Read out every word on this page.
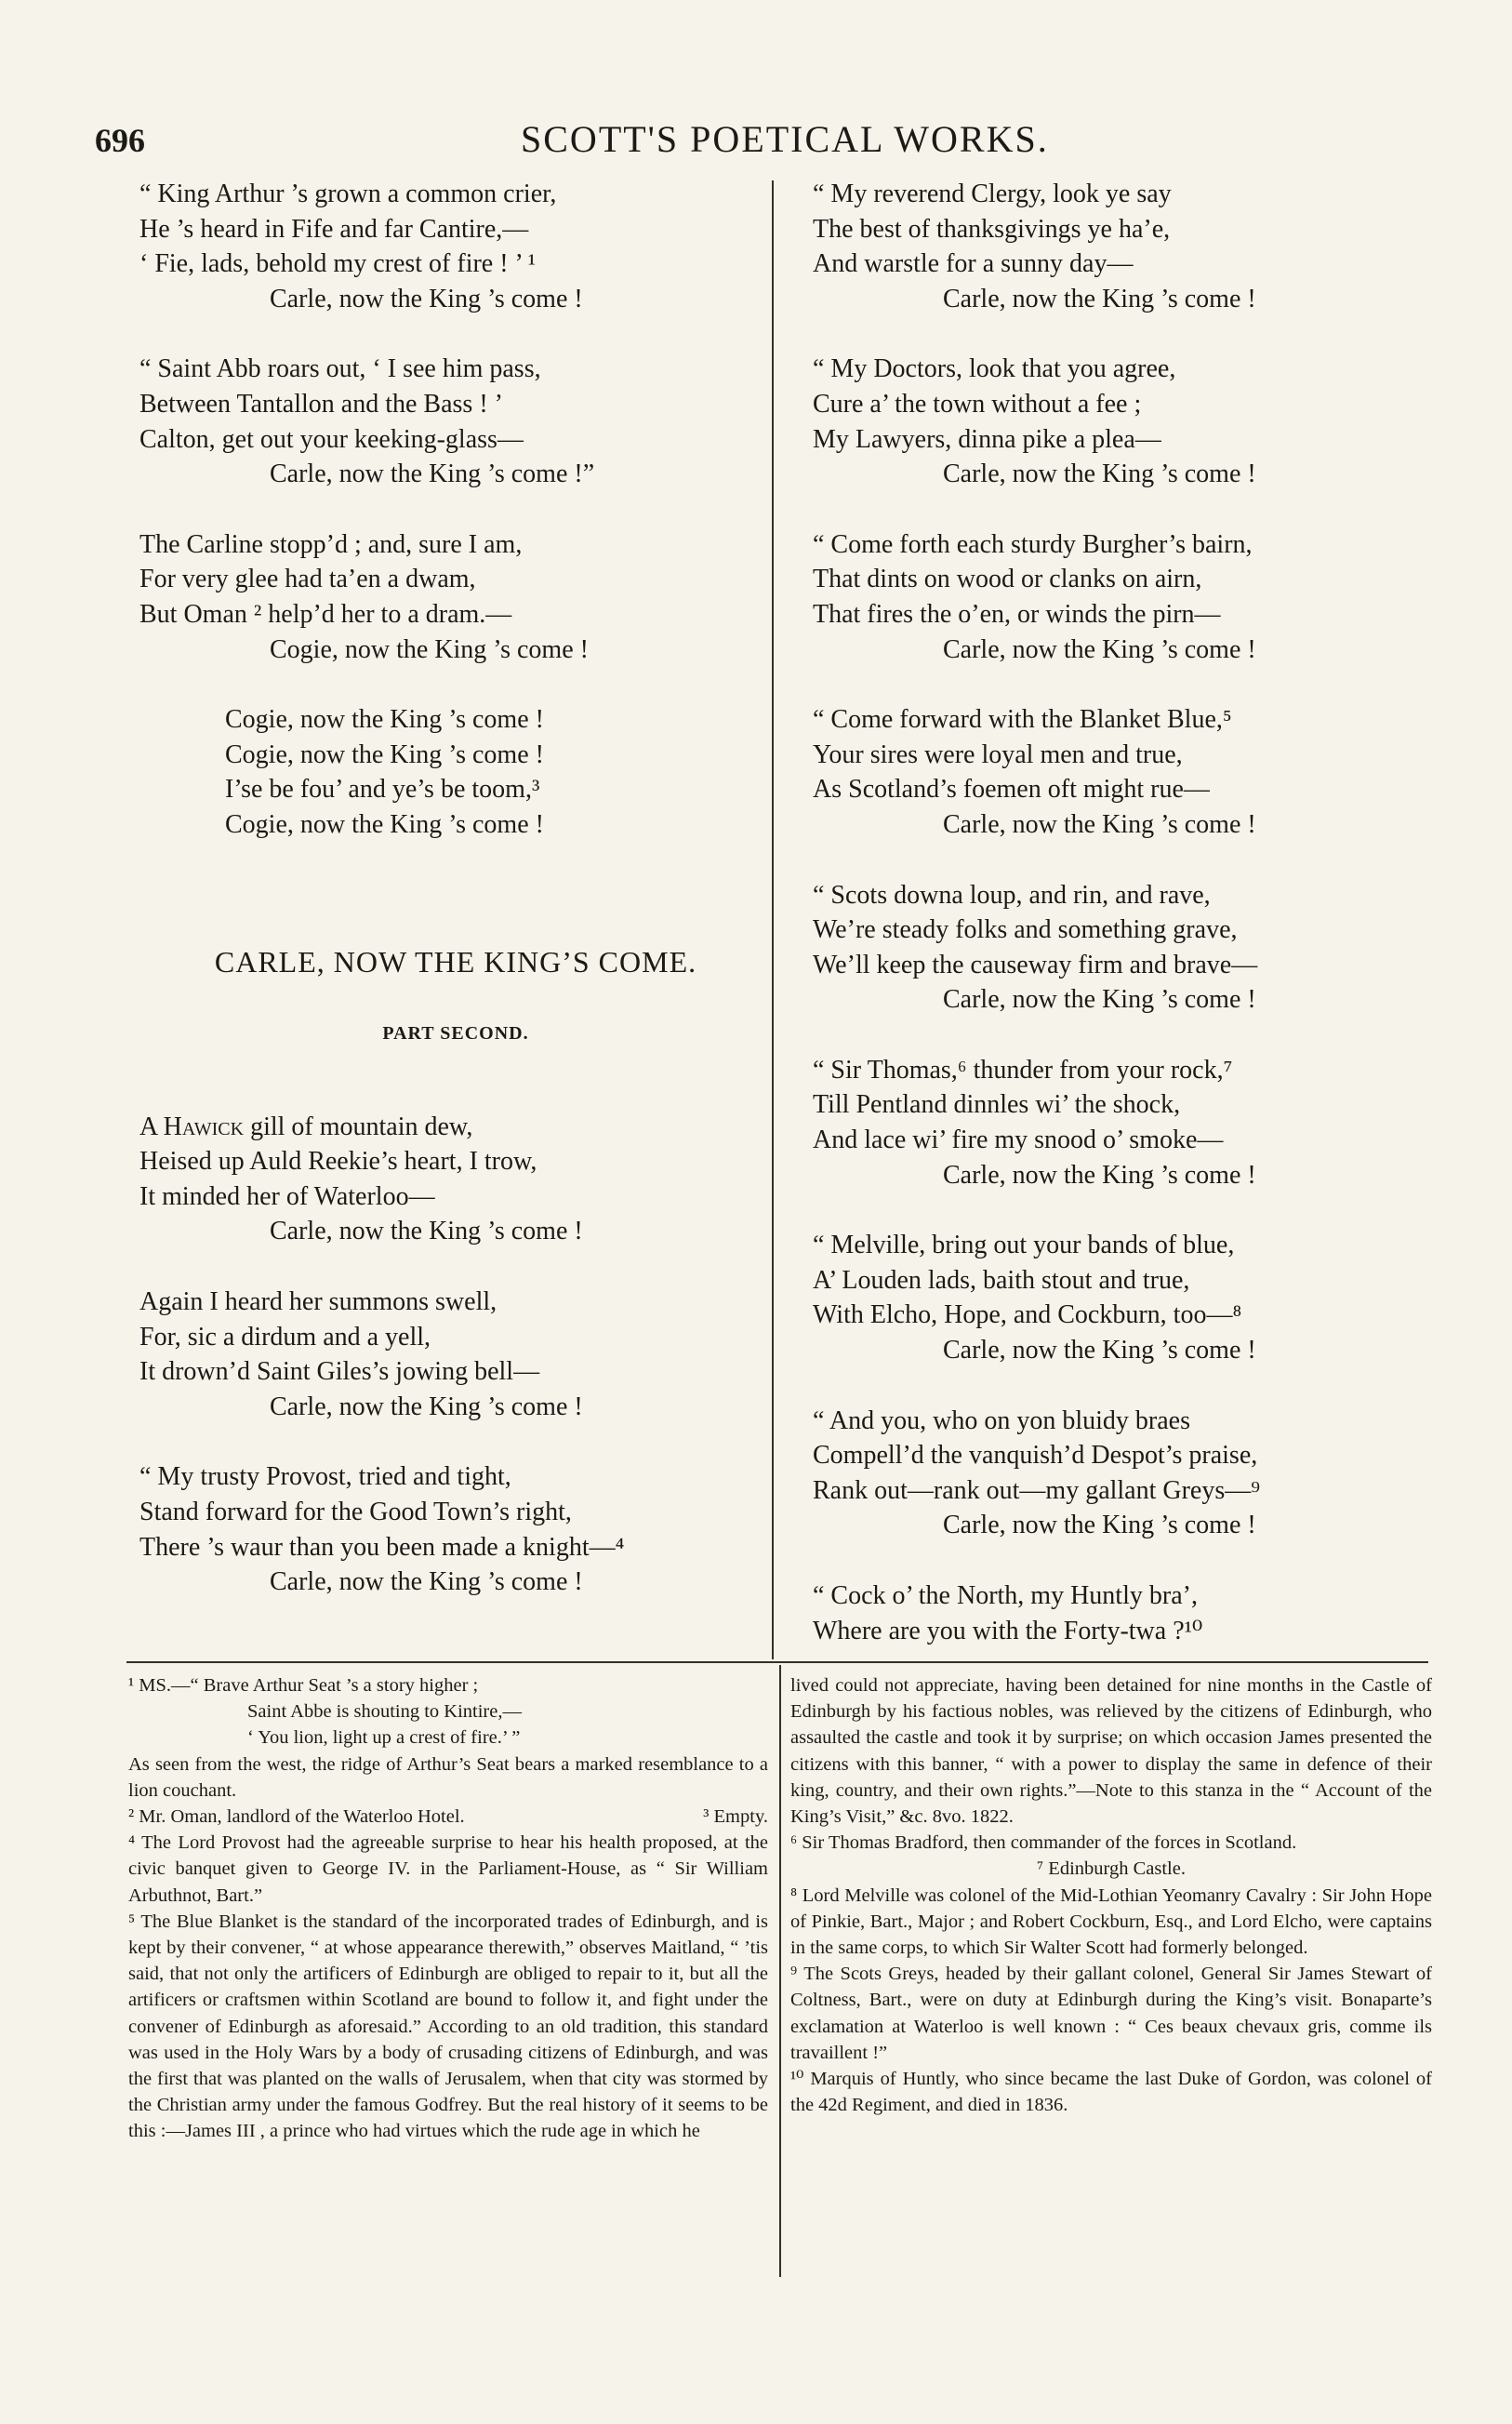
696	SCOTT'S POETICAL WORKS.
“ King Arthur ’s grown a common crier,
He ’s heard in Fife and far Cantire,—
‘ Fie, lads, behold my crest of fire ! ’ ¹
Carle, now the King ’s come !
“ Saint Abb roars out, ‘ I see him pass,
Between Tantallon and the Bass ! ’
Calton, get out your keeking-glass—
Carle, now the King ’s come !”
The Carline stopp’d ; and, sure I am,
For very glee had ta’en a dwam,
But Oman ² help’d her to a dram.—
Cogie, now the King ’s come !
Cogie, now the King ’s come !
Cogie, now the King ’s come !
I’se be fou’ and ye’s be toom,³
Cogie, now the King ’s come !
CARLE, NOW THE KING’S COME.
PART SECOND.
A Hawick gill of mountain dew,
Heised up Auld Reekie’s heart, I trow,
It minded her of Waterloo—
Carle, now the King ’s come !
Again I heard her summons swell,
For, sic a dirdum and a yell,
It drown’d Saint Giles’s jowing bell—
Carle, now the King ’s come !
“ My trusty Provost, tried and tight,
Stand forward for the Good Town’s right,
There ’s waur than you been made a knight—⁴
Carle, now the King ’s come !
“ My reverend Clergy, look ye say
The best of thanksgivings ye ha’e,
And warstle for a sunny day—
Carle, now the King ’s come !
“ My Doctors, look that you agree,
Cure a’ the town without a fee ;
My Lawyers, dinna pike a plea—
Carle, now the King ’s come !
“ Come forth each sturdy Burgher’s bairn,
That dints on wood or clanks on airn,
That fires the o’en, or winds the pirn—
Carle, now the King ’s come !
“ Come forward with the Blanket Blue,⁵
Your sires were loyal men and true,
As Scotland’s foemen oft might rue—
Carle, now the King ’s come !
“ Scots downa loup, and rin, and rave,
We’re steady folks and something grave,
We’ll keep the causeway firm and brave—
Carle, now the King ’s come !
“ Sir Thomas,⁶ thunder from your rock,⁷
Till Pentland dinnles wi’ the shock,
And lace wi’ fire my snood o’ smoke—
Carle, now the King ’s come !
“ Melville, bring out your bands of blue,
A’ Louden lads, baith stout and true,
With Elcho, Hope, and Cockburn, too—⁸
Carle, now the King ’s come !
“ And you, who on yon bluidy braes
Compell’d the vanquish’d Despot’s praise,
Rank out—rank out—my gallant Greys—⁹
Carle, now the King ’s come !
“ Cock o’ the North, my Huntly bra’,
Where are you with the Forty-twa ?¹⁰

¹ MS.—“ Brave Arthur Seat ’s a story higher ;

Saint Abbe is shouting to Kintire,—

‘ You lion, light up a crest of fire.’ ”

As seen from the west, the ridge of Arthur’s Seat bears a marked resemblance to a lion couchant.

² Mr. Oman, landlord of the Waterloo Hotel.	³ Empty.

⁴ The Lord Provost had the agreeable surprise to hear his health proposed, at the civic banquet given to George IV. in the Parliament-House, as “ Sir William Arbuthnot, Bart.”

⁵ The Blue Blanket is the standard of the incorporated trades of Edinburgh, and is kept by their convener, “ at whose appearance therewith,” observes Maitland, “ ’tis said, that not only the artificers of Edinburgh are obliged to repair to it, but all the artificers or craftsmen within Scotland are bound to follow it, and fight under the convener of Edinburgh as aforesaid.” According to an old tradition, this standard was used in the Holy Wars by a body of crusading citizens of Edinburgh, and was the first that was planted on the walls of Jerusalem, when that city was stormed by the Christian army under the famous Godfrey. But the real history of it seems to be this :—James III , a prince who had virtues which the rude age in which he

lived could not appreciate, having been detained for nine months in the Castle of Edinburgh by his factious nobles, was relieved by the citizens of Edinburgh, who assaulted the castle and took it by surprise; on which occasion James presented the citizens with this banner, “ with a power to display the same in defence of their king, country, and their own rights.”—Note to this stanza in the “ Account of the King’s Visit,” &c. 8vo. 1822.

⁶ Sir Thomas Bradford, then commander of the forces in Scotland.

⁷ Edinburgh Castle.

⁸ Lord Melville was colonel of the Mid-Lothian Yeomanry Cavalry : Sir John Hope of Pinkie, Bart., Major ; and Robert Cockburn, Esq., and Lord Elcho, were captains in the same corps, to which Sir Walter Scott had formerly belonged.

⁹ The Scots Greys, headed by their gallant colonel, General Sir James Stewart of Coltness, Bart., were on duty at Edinburgh during the King’s visit. Bonaparte’s exclamation at Waterloo is well known : “ Ces beaux chevaux gris, comme ils travaillent !”

¹⁰ Marquis of Huntly, who since became the last Duke of Gordon, was colonel of the 42d Regiment, and died in 1836.
